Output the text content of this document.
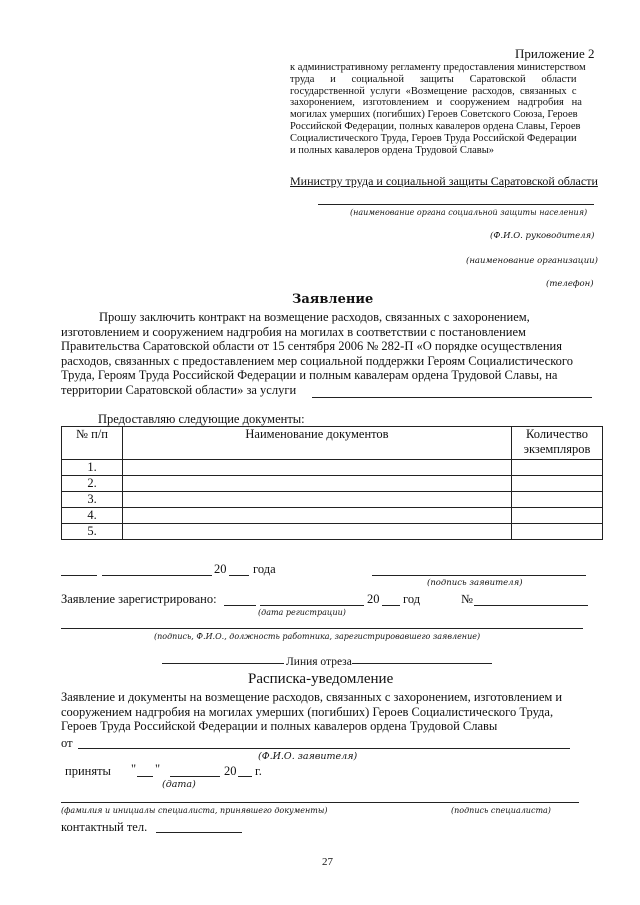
Приложение 2
к административному регламенту предоставления министерством
труда      и      социальной      защиты      Саратовской      области
государственной  услуги  «Возмещение  расходов,  связанных  с
захоронением,   изготовлением   и   сооружением   надгробия   на
могилах умерших (погибших) Героев Советского Союза, Героев
Российской Федерации, полных кавалеров ордена Славы, Героев
Социалистического Труда, Героев Труда Российской Федерации
и полных кавалеров ордена Трудовой Славы»
Министру труда и социальной защиты Саратовской области
(наименование органа социальной защиты населения)
(Ф.И.О. руководителя)
(наименование организации)
(телефон)
Заявление
Прошу заключить контракт на возмещение расходов, связанных с захоронением,
изготовлением и сооружением надгробия на могилах в соответствии с постановлением
Правительства Саратовской области от 15 сентября 2006 № 282-П «О порядке осуществления
расходов, связанных с предоставлением мер социальной поддержки Героям Социалистического
Труда, Героям Труда Российской Федерации и полным кавалерам ордена Трудовой Славы, на
территории Саратовской области» за услуги
Предоставляю следующие документы:
№ п/п	Наименование документов	Количество экземпляров
1.		
2.		
3.		
4.		
5.		
20 года
(подпись заявителя)
Заявление зарегистрировано:	20 год	№
(дата регистрации)
(подпись, Ф.И.О., должность работника, зарегистрировавшего заявление)
Линия отреза
Расписка-уведомление
Заявление и документы на возмещение расходов, связанных с захоронением, изготовлением и
сооружением надгробия на могилах умерших (погибших) Героев Социалистического Труда,
Героев Труда Российской Федерации и полных кавалеров ордена Трудовой Славы
от
(Ф.И.О. заявителя)
приняты " "	20 г.
(дата)
(фамилия и инициалы специалиста, принявшего документы)	(подпись специалиста)
контактный тел.
27
